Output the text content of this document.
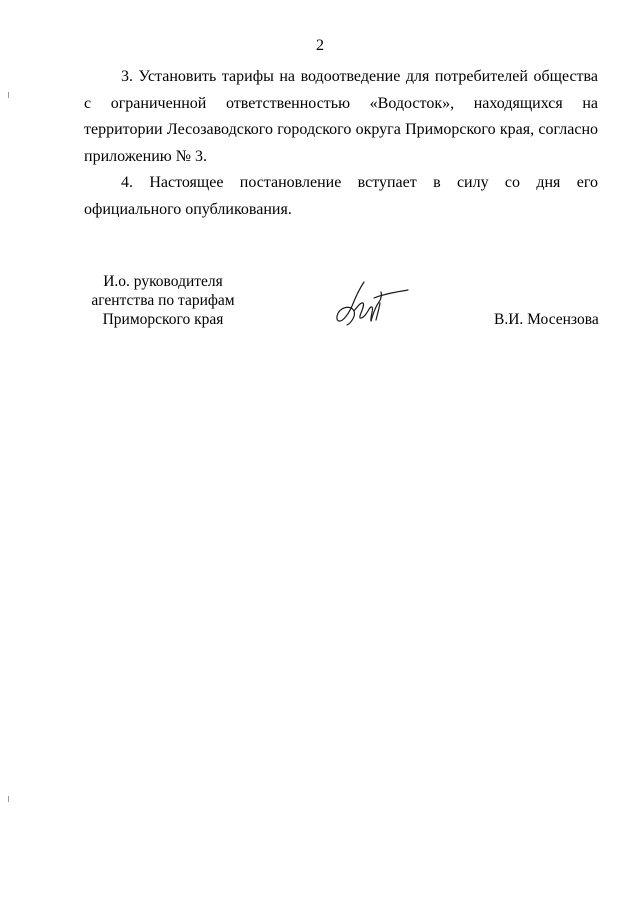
2

3. Установить тарифы на водоотведение для потребителей общества с ограниченной ответственностью «Водосток», находящихся на территории Лесозаводского городского округа Приморского края, согласно приложению № 3.

4. Настоящее постановление вступает в силу со дня его официального опубликования.

И.о. руководителя
агентства по тарифам
Приморского края	В.И. Мосензова
